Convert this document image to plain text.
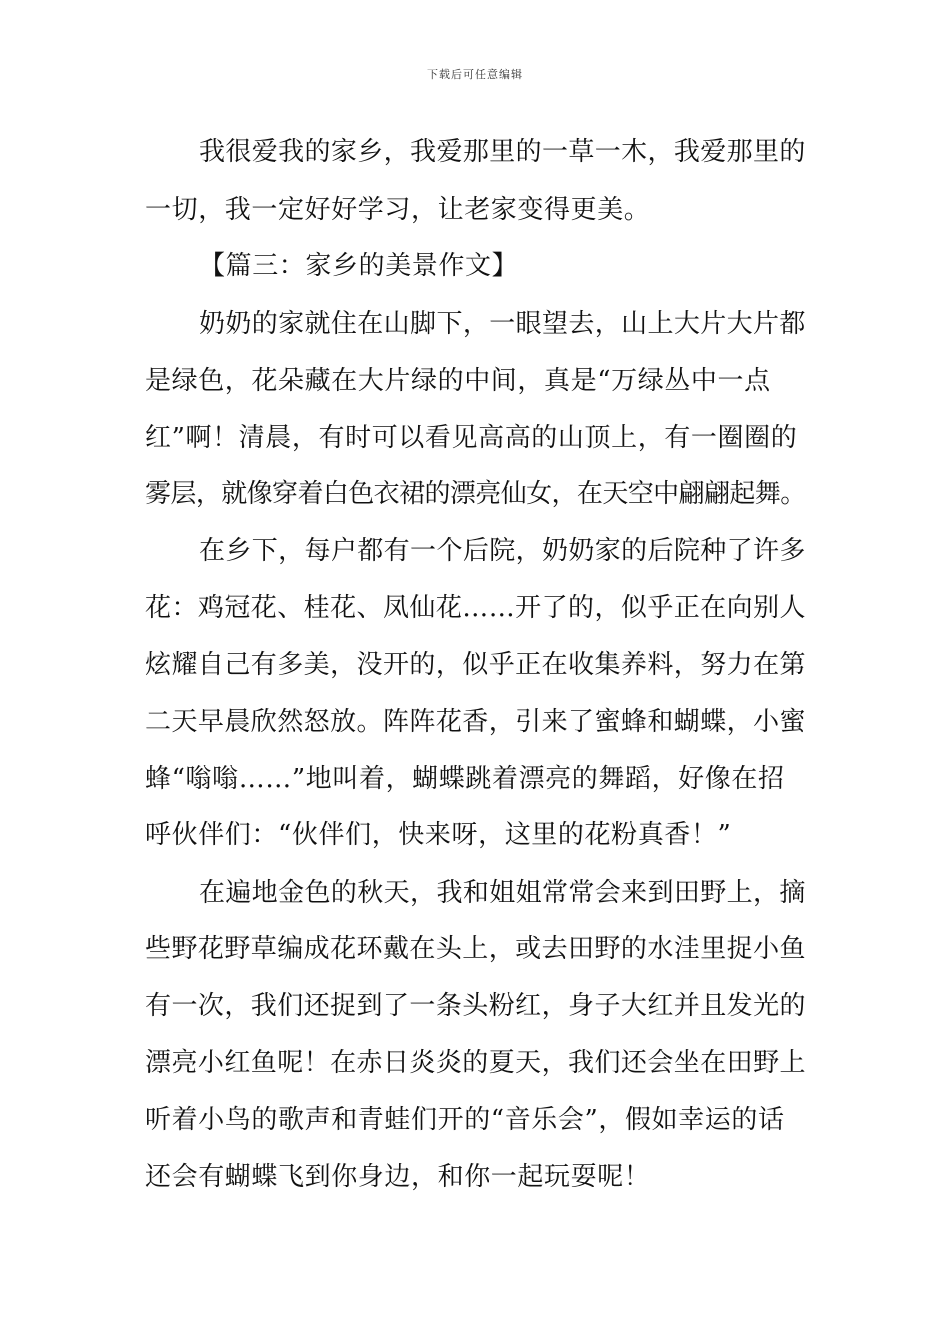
下载后可任意编辑
我很爱我的家乡，我爱那里的一草一木，我爱那里的
一切，我一定好好学习，让老家变得更美。
【篇三：家乡的美景作文】
奶奶的家就住在山脚下，一眼望去，山上大片大片都
是绿色，花朵藏在大片绿的中间，真是“万绿丛中一点
红”啊！清晨，有时可以看见高高的山顶上，有一圈圈的
雾层，就像穿着白色衣裙的漂亮仙女，在天空中翩翩起舞。
在乡下，每户都有一个后院，奶奶家的后院种了许多
花：鸡冠花、桂花、凤仙花……开了的，似乎正在向别人
炫耀自己有多美，没开的，似乎正在收集养料，努力在第
二天早晨欣然怒放。阵阵花香，引来了蜜蜂和蝴蝶，小蜜
蜂“嗡嗡……”地叫着，蝴蝶跳着漂亮的舞蹈，好像在招
呼伙伴们：“伙伴们，快来呀，这里的花粉真香！”
在遍地金色的秋天，我和姐姐常常会来到田野上，摘
些野花野草编成花环戴在头上，或去田野的水洼里捉小鱼
有一次，我们还捉到了一条头粉红，身子大红并且发光的
漂亮小红鱼呢！在赤日炎炎的夏天，我们还会坐在田野上
听着小鸟的歌声和青蛙们开的“音乐会”，假如幸运的话
还会有蝴蝶飞到你身边，和你一起玩耍呢！
